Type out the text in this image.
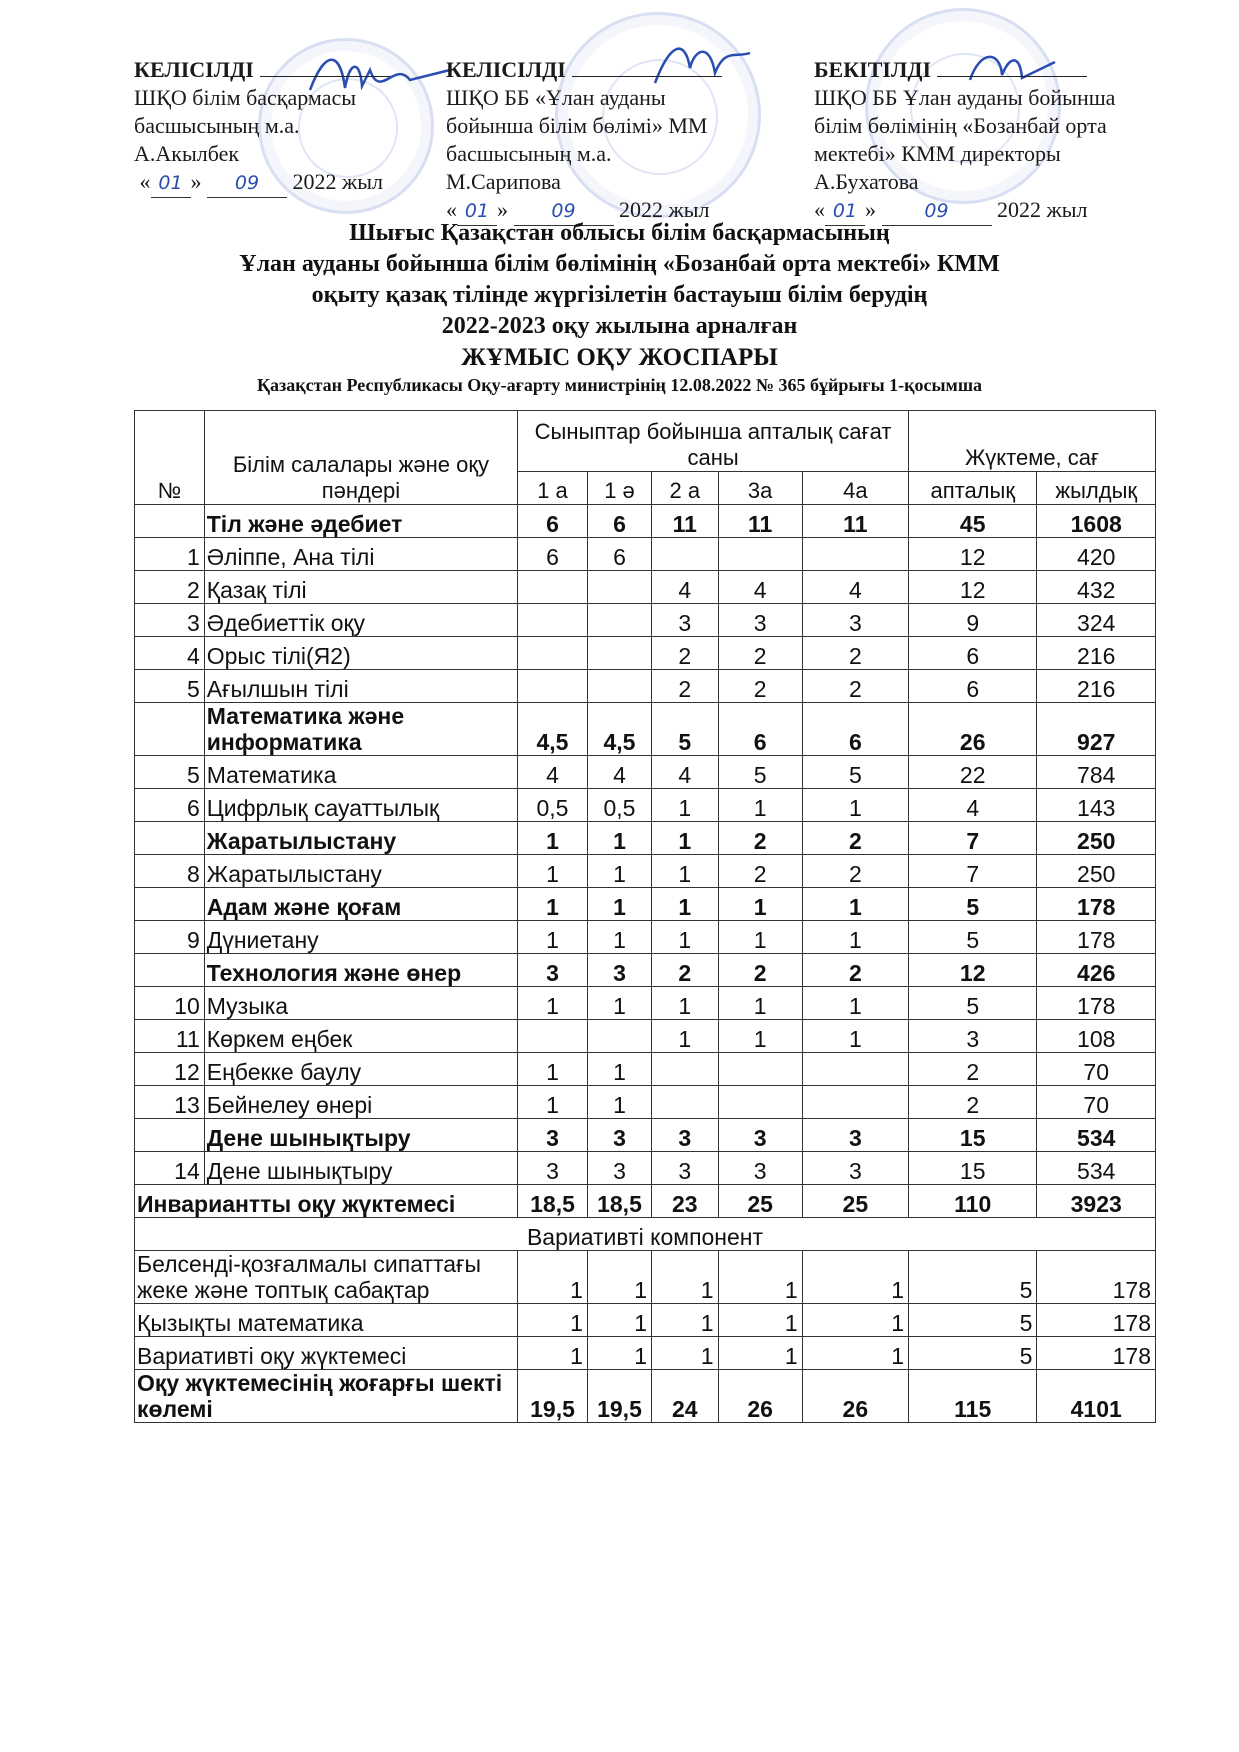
КЕЛІСІЛДІ
ШҚО білім басқармасы
басшысының м.а.
А.Акылбек
« 01 » 09 2022 жыл
КЕЛІСІЛДІ
ШҚО ББ «Ұлан ауданы
бойынша білім бөлімі» ММ
басшысының м.а.
М.Сарипова
« 01 » 09 2022 жыл
БЕКІТІЛДІ
ШҚО ББ Ұлан ауданы бойынша
білім бөлімінің «Бозанбай орта
мектебі» КММ директоры
А.Бухатова
« 01 »	09 2022 жыл
Шығыс Қазақстан облысы білім басқармасының
Ұлан ауданы бойынша білім бөлімінің «Бозанбай орта мектебі» КММ
оқыту қазақ тілінде жүргізілетін бастауыш білім берудің
2022-2023 оқу жылына арналған
ЖҰМЫС ОҚУ ЖОСПАРЫ
Қазақстан Республикасы Оқу-ағарту министрінің 12.08.2022 № 365 бұйрығы 1-қосымша
№	Білім салалары және оқу пәндері	Сыныптар бойынша апталық сағат саны					Жүктеме, сағ	
		1 а	1 ә	2 а	3а	4а	апталық	жылдық
	Тіл және әдебиет	6	6	11	11	11	45	1608
1	Әліппе, Ана тілі	6	6				12	420
2	Қазақ тілі			4	4	4	12	432
3	Әдебиеттік оқу			3	3	3	9	324
4	Орыс тілі(Я2)			2	2	2	6	216
5	Ағылшын тілі			2	2	2	6	216
	Математика және информатика	4,5	4,5	5	6	6	26	927
5	Математика	4	4	4	5	5	22	784
6	Цифрлық сауаттылық	0,5	0,5	1	1	1	4	143
	Жаратылыстану	1	1	1	2	2	7	250
8	Жаратылыстану	1	1	1	2	2	7	250
	Адам және қоғам	1	1	1	1	1	5	178
9	Дүниетану	1	1	1	1	1	5	178
	Технология және өнер	3	3	2	2	2	12	426
10	Музыка	1	1	1	1	1	5	178
11	Көркем еңбек			1	1	1	3	108
12	Еңбекке баулу	1	1				2	70
13	Бейнелеу өнері	1	1				2	70
	Дене шынықтыру	3	3	3	3	3	15	534
14	Дене шынықтыру	3	3	3	3	3	15	534
Инвариантты оқу жүктемесі		18,5	18,5	23	25	25	110	3923
Вариативті компонент								
Белсенді-қозғалмалы сипаттағы жеке және топтық сабақтар		1	1	1	1	1	5	178
Қызықты математика		1	1	1	1	1	5	178
Вариативті оқу жүктемесі		1	1	1	1	1	5	178
Оқу жүктемесінің жоғарғы шекті көлемі		19,5	19,5	24	26	26	115	4101
